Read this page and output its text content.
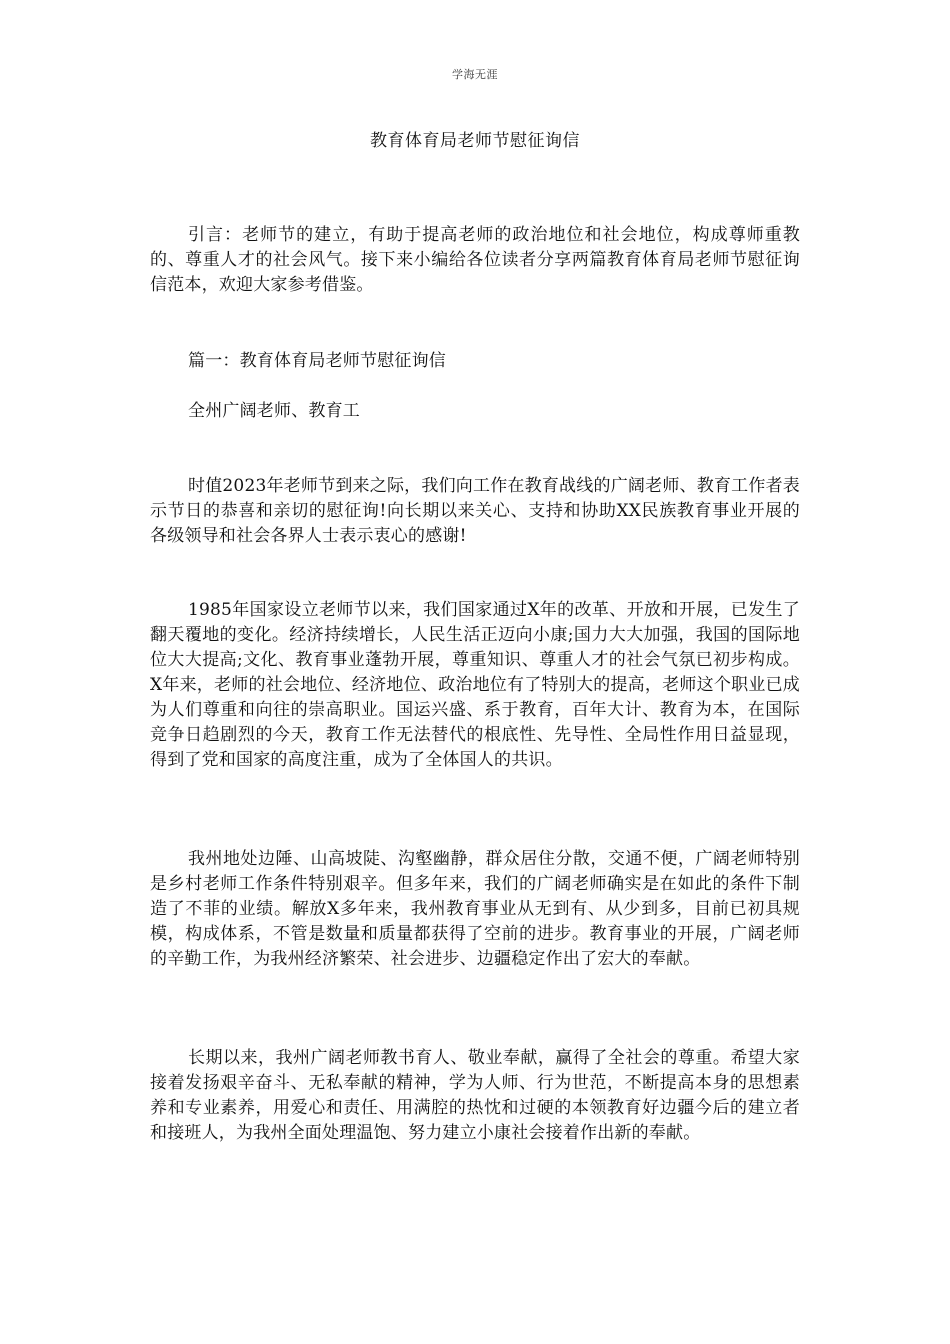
学海无涯
教育体育局老师节慰征询信

引言：老师节的建立，有助于提高老师的政治地位和社会地位，构成尊师重教的、尊重人才的社会风气。接下来小编给各位读者分享两篇教育体育局老师节慰征询信范本，欢迎大家参考借鉴。

篇一：教育体育局老师节慰征询信

全州广阔老师、教育工

时值2023年老师节到来之际，我们向工作在教育战线的广阔老师、教育工作者表示节日的恭喜和亲切的慰征询!向长期以来关心、支持和协助XX民族教育事业开展的各级领导和社会各界人士表示衷心的感谢!

1985年国家设立老师节以来，我们国家通过X年的改革、开放和开展，已发生了翻天覆地的变化。经济持续增长，人民生活正迈向小康;国力大大加强，我国的国际地位大大提高;文化、教育事业蓬勃开展，尊重知识、尊重人才的社会气氛已初步构成。X年来，老师的社会地位、经济地位、政治地位有了特别大的提高，老师这个职业已成为人们尊重和向往的崇高职业。国运兴盛、系于教育，百年大计、教育为本，在国际竞争日趋剧烈的今天，教育工作无法替代的根底性、先导性、全局性作用日益显现，得到了党和国家的高度注重，成为了全体国人的共识。

我州地处边陲、山高坡陡、沟壑幽静，群众居住分散，交通不便，广阔老师特别是乡村老师工作条件特别艰辛。但多年来，我们的广阔老师确实是在如此的条件下制造了不菲的业绩。解放X多年来，我州教育事业从无到有、从少到多，目前已初具规模，构成体系，不管是数量和质量都获得了空前的进步。教育事业的开展，广阔老师的辛勤工作，为我州经济繁荣、社会进步、边疆稳定作出了宏大的奉献。

长期以来，我州广阔老师教书育人、敬业奉献，赢得了全社会的尊重。希望大家接着发扬艰辛奋斗、无私奉献的精神，学为人师、行为世范，不断提高本身的思想素养和专业素养，用爱心和责任、用满腔的热忱和过硬的本领教育好边疆今后的建立者和接班人，为我州全面处理温饱、努力建立小康社会接着作出新的奉献。
